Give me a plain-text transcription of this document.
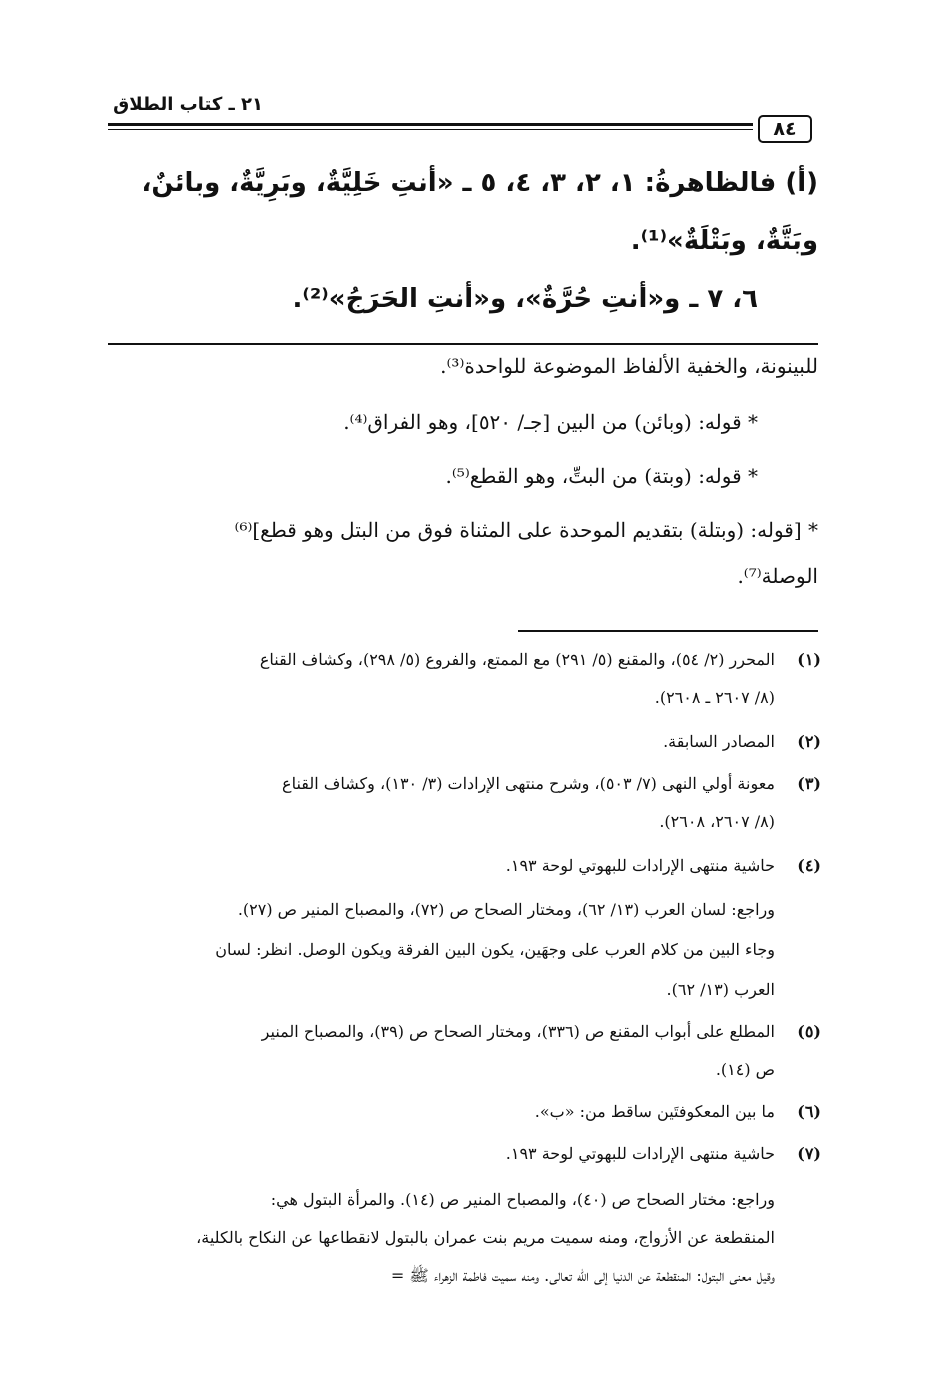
٢١ ـ كتاب الطلاق
٨٤
(أ) فالظاهرةُ: ١، ٢، ٣، ٤، ٥ ـ «أنتِ خَلِيَّةٌ، وبَرِيَّةٌ، وبائنٌ،
وبَتَّةٌ، وبَتْلَةٌ»⁽¹⁾.
٦، ٧ ـ و«أنتِ حُرَّةٌ»، و«أنتِ الحَرَجُ»⁽²⁾.
للبينونة، والخفية الألفاظ الموضوعة للواحدة⁽³⁾.
* قوله: (وبائن) من البين [جـ/ ٥٢٠]، وهو الفراق⁽⁴⁾.
* قوله: (وبتة) من البتِّ، وهو القطع⁽⁵⁾.
* [قوله: (وبتلة) بتقديم الموحدة على المثناة فوق من البتل وهو قطع]⁽⁶⁾
الوصلة⁽⁷⁾.
(١)
المحرر (٢/ ٥٤)، والمقنع (٥/ ٢٩١) مع الممتع، والفروع (٥/ ٢٩٨)، وكشاف القناع
(٨/ ٢٦٠٧ ـ ٢٦٠٨).
(٢)
المصادر السابقة.
(٣)
معونة أولي النهى (٧/ ٥٠٣)، وشرح منتهى الإرادات (٣/ ١٣٠)، وكشاف القناع
(٨/ ٢٦٠٧، ٢٦٠٨).
(٤)
حاشية منتهى الإرادات للبهوتي لوحة ١٩٣.
وراجع: لسان العرب (١٣/ ٦٢)، ومختار الصحاح ص (٧٢)، والمصباح المنير ص (٢٧).
وجاء البين من كلام العرب على وجهَين، يكون البين الفرقة ويكون الوصل. انظر: لسان
العرب (١٣/ ٦٢).
(٥)
المطلع على أبواب المقنع ص (٣٣٦)، ومختار الصحاح ص (٣٩)، والمصباح المنير
ص (١٤).
(٦)
ما بين المعكوفتَين ساقط من: «ب».
(٧)
حاشية منتهى الإرادات للبهوتي لوحة ١٩٣.
وراجع: مختار الصحاح ص (٤٠)، والمصباح المنير ص (١٤). والمرأة البتول هي:
المنقطعة عن الأزواج، ومنه سميت مريم بنت عمران بالبتول لانقطاعها عن النكاح بالكلية،
وقيل معنى البتول: المنقطعة عن الدنيا إلى الله تعالى. ومنه سميت فاطمة الزهراء ﷺ =
